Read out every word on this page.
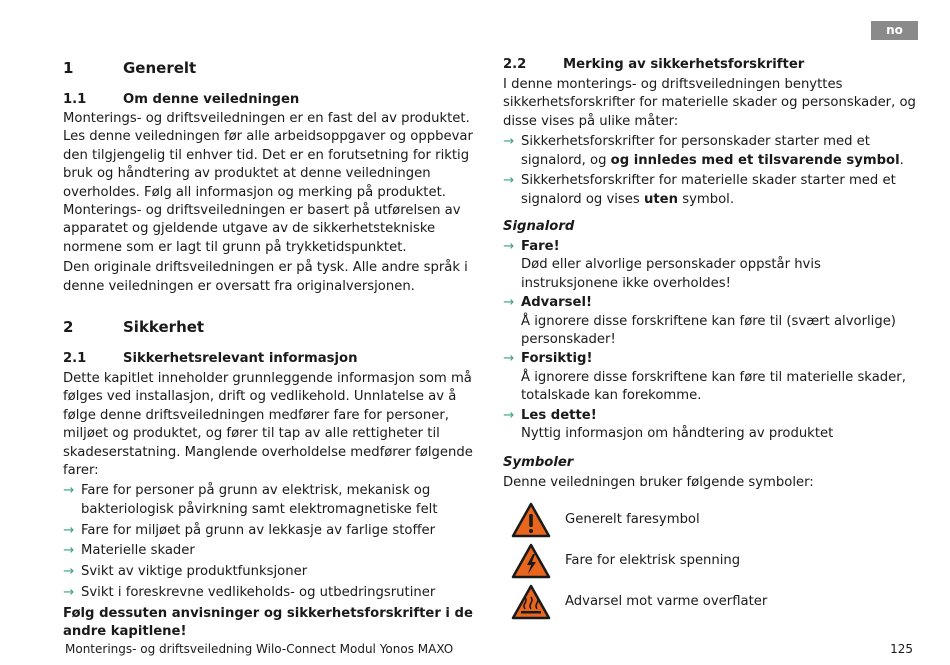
no
1	Generelt
1.1	Om denne veiledningen

Monterings- og driftsveiledningen er en fast del av produktet. Les denne veiledningen før alle arbeidsoppgaver og oppbevar den tilgjengelig til enhver tid. Det er en forutsetning for riktig bruk og håndtering av produktet at denne veiledningen overholdes. Følg all informasjon og merking på produktet. Monterings- og driftsveiledningen er basert på utførelsen av apparatet og gjeldende utgave av de sikkerhetstekniske normene som er lagt til grunn på trykketidspunktet.

Den originale driftsveiledningen er på tysk. Alle andre språk i denne veiledningen er oversatt fra originalversjonen.

2	Sikkerhet
2.1	Sikkerhetsrelevant informasjon

Dette kapitlet inneholder grunnleggende informasjon som må følges ved installasjon, drift og vedlikehold. Unnlatelse av å følge denne driftsveiledningen medfører fare for personer, miljøet og produktet, og fører til tap av alle rettigheter til skadeserstatning. Manglende overholdelse medfører følgende farer:

→ Fare for personer på grunn av elektrisk, mekanisk og bakteriologisk påvirkning samt elektromagnetiske felt
→ Fare for miljøet på grunn av lekkasje av farlige stoffer
→ Materielle skader
→ Svikt av viktige produktfunksjoner
→ Svikt i foreskrevne vedlikeholds- og utbedringsrutiner

Følg dessuten anvisninger og sikkerhetsforskrifter i de andre kapitlene!

2.2	Merking av sikkerhetsforskrifter

I denne monterings- og driftsveiledningen benyttes sikkerhetsforskrifter for materielle skader og personskader, og disse vises på ulike måter:

→ Sikkerhetsforskrifter for personskader starter med et signalord, og og innledes med et tilsvarende symbol.
→ Sikkerhetsforskrifter for materielle skader starter med et signalord og vises uten symbol.
Signalord
→ Fare!
Død eller alvorlige personskader oppstår hvis instruksjonene ikke overholdes!
→ Advarsel!
Å ignorere disse forskriftene kan føre til (svært alvorlige) personskader!
→ Forsiktig!
Å ignorere disse forskriftene kan føre til materielle skader, totalskade kan forekomme.
→ Les dette!
Nyttig informasjon om håndtering av produktet
Symboler
Denne veiledningen bruker følgende symboler:
Generelt faresymbol
Fare for elektrisk spenning
Advarsel mot varme overflater
Monterings- og driftsveiledning Wilo-Connect Modul Yonos MAXO	125
